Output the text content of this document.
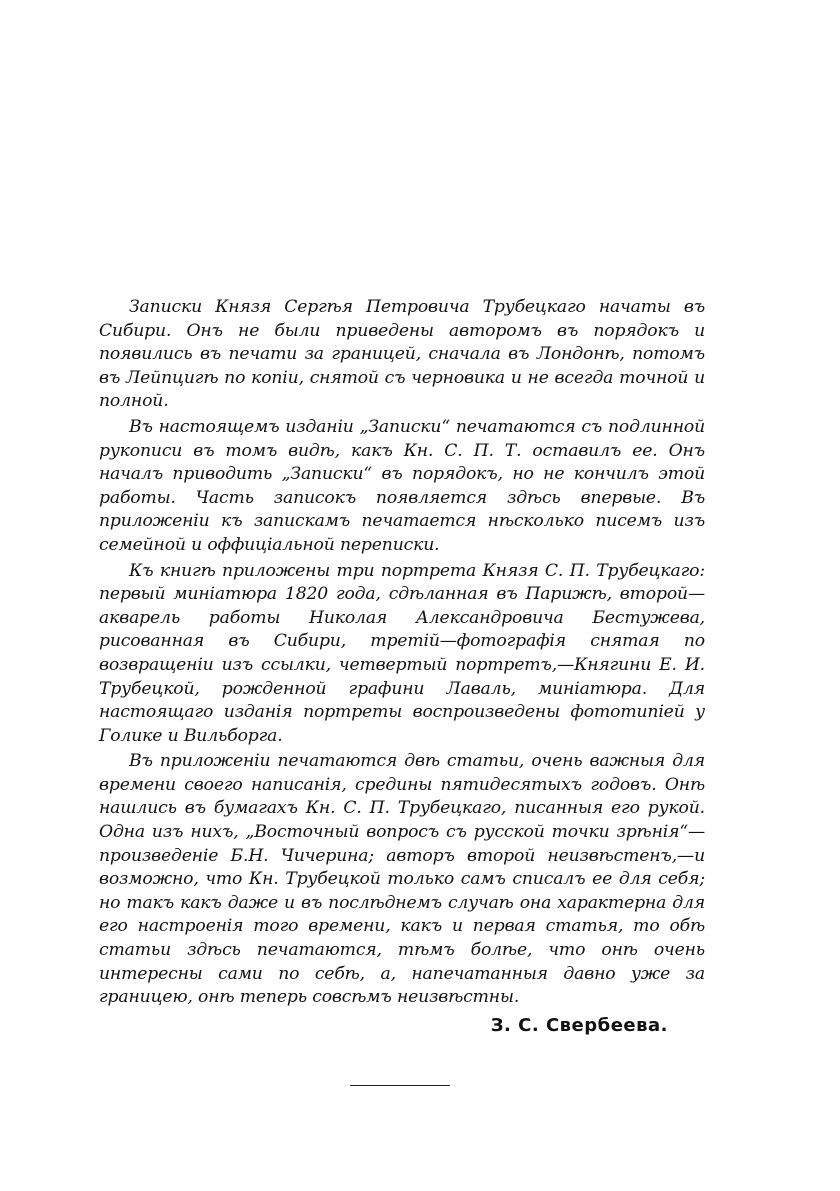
Записки Князя Сергѣя Петровича Трубецкаго начаты въ Сибири. Онъ не были приведены авторомъ въ порядокъ и появились въ печати за границей, сначала въ Лондонѣ, потомъ въ Лейпцигѣ по копіи, снятой съ черновика и не всегда точной и полной.

Въ настоящемъ изданіи „Записки“ печатаются съ подлинной рукописи въ томъ видѣ, какъ Кн. С. П. Т. оставилъ ее. Онъ началъ приводить „Записки“ въ порядокъ, но не кончилъ этой работы. Часть записокъ появляется здѣсь впервые. Въ приложеніи къ запискамъ печатается нѣсколько писемъ изъ семейной и оффиціальной переписки.

Къ книгѣ приложены три портрета Князя С. П. Трубецкаго: первый миніатюра 1820 года, сдѣланная въ Парижѣ, второй—акварель работы Николая Александровича Бестужева, рисованная въ Сибири, третій—фотографія снятая по возвращеніи изъ ссылки, четвертый портретъ,—Княгини Е. И. Трубецкой, рожденной графини Лаваль, миніатюра. Для настоящаго изданія портреты воспроизведены фототипіей у Голике и Вильборга.

Въ приложеніи печатаются двѣ статьи, очень важныя для времени своего написанія, средины пятидесятыхъ годовъ. Онѣ нашлись въ бумагахъ Кн. С. П. Трубецкаго, писанныя его рукой. Одна изъ нихъ, „Восточный вопросъ съ русской точки зрѣнія“—произведеніе Б.Н. Чичерина; авторъ второй неизвѣстенъ,—и возможно, что Кн. Трубецкой только самъ списалъ ее для себя; но такъ какъ даже и въ послѣднемъ случаѣ она характерна для его настроенія того времени, какъ и первая статья, то обѣ статьи здѣсь печатаются, тѣмъ болѣе, что онѣ очень интересны сами по себѣ, а, напечатанныя давно уже за границею, онѣ теперь совсѣмъ неизвѣстны.

З. С. Свербеева.
